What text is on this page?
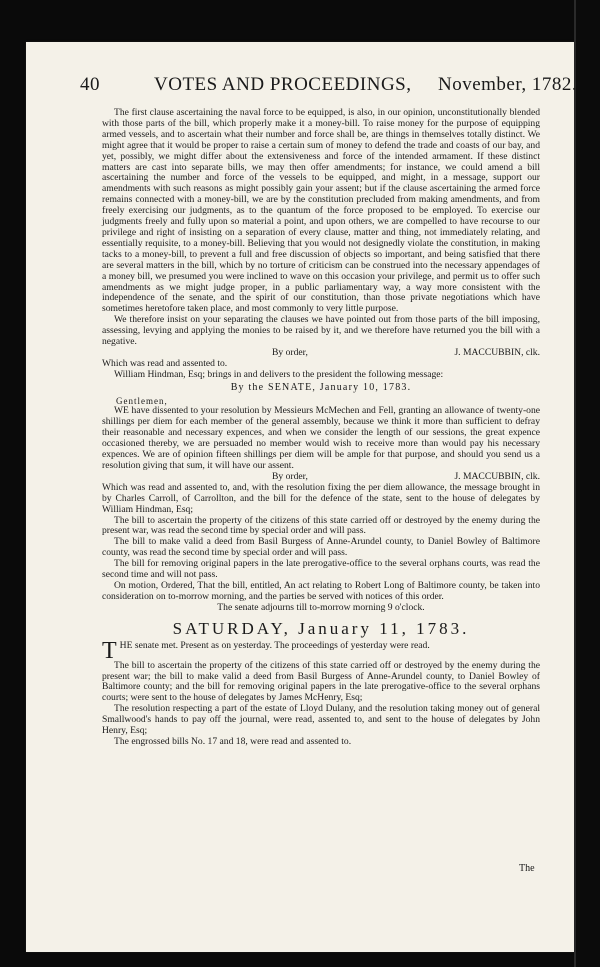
40	VOTES AND PROCEEDINGS, November, 1782.

The first clause ascertaining the naval force to be equipped, is also, in our opinion, unconstitutionally blended with those parts of the bill, which properly make it a money-bill. To raise money for the purpose of equipping armed vessels, and to ascertain what their number and force shall be, are things in themselves totally distinct. We might agree that it would be proper to raise a certain sum of money to defend the trade and coasts of our bay, and yet, possibly, we might differ about the extensiveness and force of the intended armament. If these distinct matters are cast into separate bills, we may then offer amendments; for instance, we could amend a bill ascertaining the number and force of the vessels to be equipped, and might, in a message, support our amendments with such reasons as might possibly gain your assent; but if the clause ascertaining the armed force remains connected with a money-bill, we are by the constitution precluded from making amendments, and from freely exercising our judgments, as to the quantum of the force proposed to be employed. To exercise our judgments freely and fully upon so material a point, and upon others, we are compelled to have recourse to our privilege and right of insisting on a separation of every clause, matter and thing, not immediately relating, and essentially requisite, to a money-bill. Believing that you would not designedly violate the constitution, in making tacks to a money-bill, to prevent a full and free discussion of objects so important, and being satisfied that there are several matters in the bill, which by no torture of criticism can be construed into the necessary appendages of a money bill, we presumed you were inclined to wave on this occasion your privilege, and permit us to offer such amendments as we might judge proper, in a public parliamentary way, a way more consistent with the independence of the senate, and the spirit of our constitution, than those private negotiations which have sometimes heretofore taken place, and most commonly to very little purpose.

We therefore insist on your separating the clauses we have pointed out from those parts of the bill imposing, assessing, levying and applying the monies to be raised by it, and we therefore have returned you the bill with a negative.

By order,	J. MACCUBBIN, clk.

Which was read and assented to.

William Hindman, Esq; brings in and delivers to the president the following message:

By the SENATE, January 10, 1783.

Gentlemen,

WE have dissented to your resolution by Messieurs McMechen and Fell, granting an allowance of twenty-one shillings per diem for each member of the general assembly, because we think it more than sufficient to defray their reasonable and necessary expences, and when we consider the length of our sessions, the great expence occasioned thereby, we are persuaded no member would wish to receive more than would pay his necessary expences. We are of opinion fifteen shillings per diem will be ample for that purpose, and should you send us a resolution giving that sum, it will have our assent.

By order,	J. MACCUBBIN, clk.

Which was read and assented to, and, with the resolution fixing the per diem allowance, the message brought in by Charles Carroll, of Carrollton, and the bill for the defence of the state, sent to the house of delegates by William Hindman, Esq;

The bill to ascertain the property of the citizens of this state carried off or destroyed by the enemy during the present war, was read the second time by special order and will pass.

The bill to make valid a deed from Basil Burgess of Anne-Arundel county, to Daniel Bowley of Baltimore county, was read the second time by special order and will pass.

The bill for removing original papers in the late prerogative-office to the several orphans courts, was read the second time and will not pass.

On motion, Ordered, That the bill, entitled, An act relating to Robert Long of Baltimore county, be taken into consideration on to-morrow morning, and the parties be served with notices of this order.

The senate adjourns till to-morrow morning 9 o'clock.

SATURDAY, January 11, 1783.

THE senate met. Present as on yesterday. The proceedings of yesterday were read.

The bill to ascertain the property of the citizens of this state carried off or destroyed by the enemy during the present war; the bill to make valid a deed from Basil Burgess of Anne-Arundel county, to Daniel Bowley of Baltimore county; and the bill for removing original papers in the late prerogative-office to the several orphans courts; were sent to the house of delegates by James McHenry, Esq;

The resolution respecting a part of the estate of Lloyd Dulany, and the resolution taking money out of general Smallwood's hands to pay off the journal, were read, assented to, and sent to the house of delegates by John Henry, Esq;

The engrossed bills No. 17 and 18, were read and assented to.

The
